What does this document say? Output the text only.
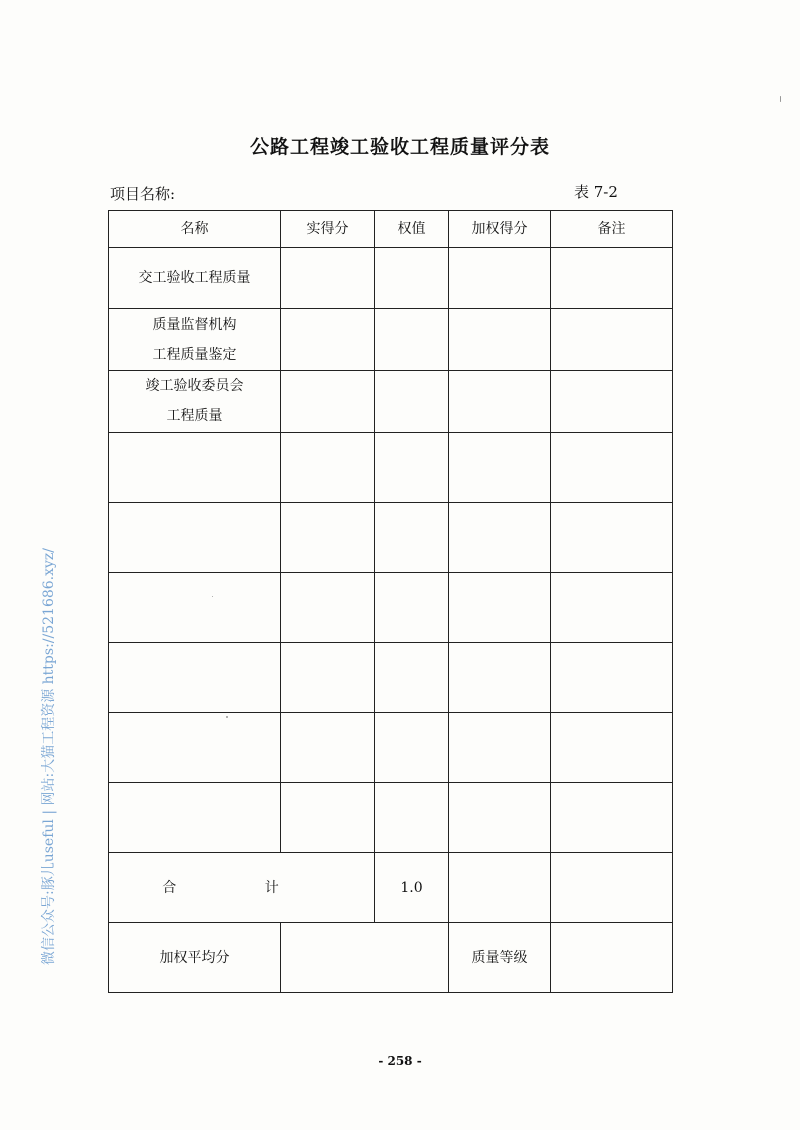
公路工程竣工验收工程质量评分表
项目名称:	表 7-2
名称	实得分	权值	加权得分	备注

交工验收工程质量				

质量监督机构
工程质量鉴定				

竣工验收委员会
工程质量				

合 计		1.0		
加权平均分			质量等级	
- 258 -
微信公众号:豚儿useful | 网站:大猫工程资源 https://521686.xyz/
